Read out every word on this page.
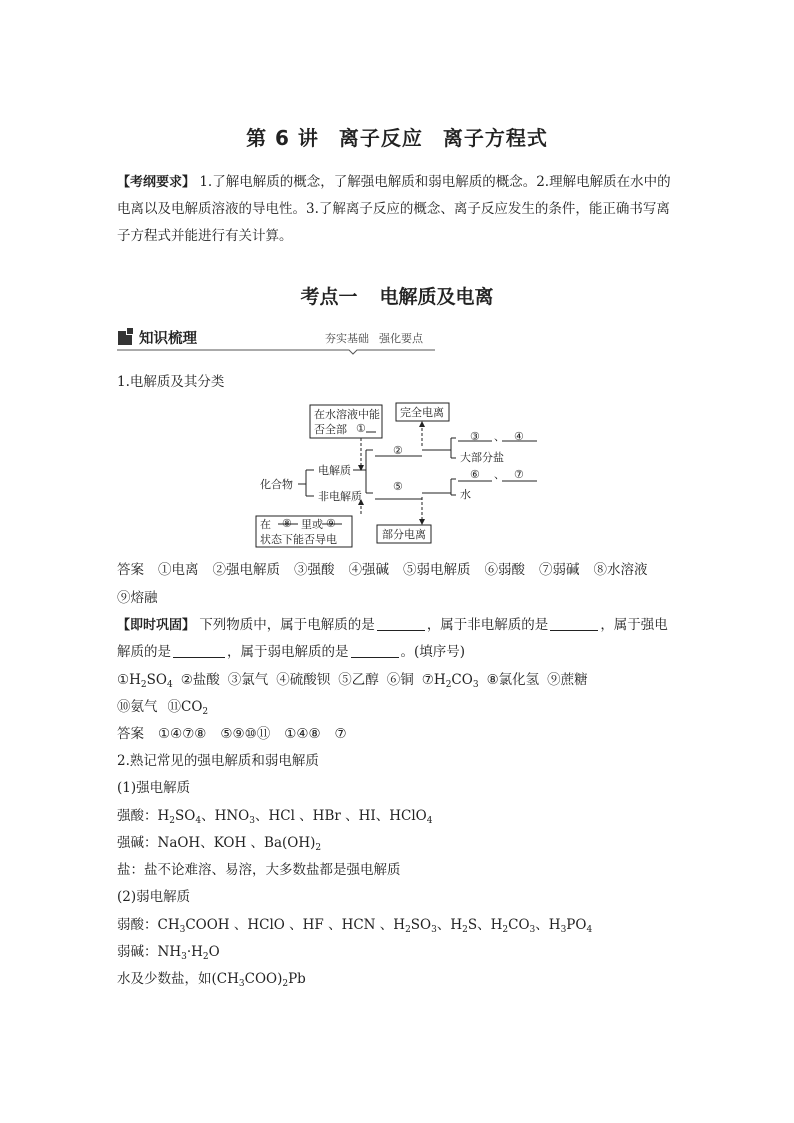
第 6 讲 离子反应 离子方程式
【考纲要求】 1.了解电解质的概念，了解强电解质和弱电解质的概念。2.理解电解质在水中的电离以及电解质溶液的导电性。3.了解离子反应的概念、离子反应发生的条件，能正确书写离子方程式并能进行有关计算。
考点一 电解质及电离
知识梳理	夯实基础 强化要点
1.电解质及其分类
在水溶液中能
否全部 ①
完全电离
②
③ 、 ④
大部分盐
化合物
电解质
非电解质
⑤
⑥ 、 ⑦
水
在 ⑧ 里或 ⑨
状态下能否导电	部分电离
答案 ①电离 ②强电解质 ③强酸 ④强碱 ⑤弱电解质 ⑥弱酸 ⑦弱碱 ⑧水溶液
⑨熔融
【即时巩固】 下列物质中，属于电解质的是	，属于非电解质的是	，属于强电
解质的是	，属于弱电解质的是	。(填序号)
$①H_2SO_4$ ②盐酸 ③氯气 ④硫酸钡 ⑤乙醇 ⑥铜 $⑦H_2CO_3$ ⑧氯化氢 ⑨蔗糖
⑩氨气 $⑪CO_2$
答案 ①④⑦⑧ ⑤⑨⑩⑪ ①④⑧ ⑦
2.熟记常见的强电解质和弱电解质
(1)强电解质
强酸：$H_2SO_4$、$HNO_3$、HCl 、HBr 、HI、HClO$_4$
强碱：NaOH、KOH 、$Ba(OH)_2$
盐：盐不论难溶、易溶，大多数盐都是强电解质
(2)弱电解质
弱酸：$CH_3COOH$ 、HClO 、HF 、HCN 、$H_2SO_3$、$H_2S$、$H_2CO_3$、$H_3PO_4$
弱碱：$NH_3\cdot H_2O$
水及少数盐，如$(CH_3COO)_2Pb$
